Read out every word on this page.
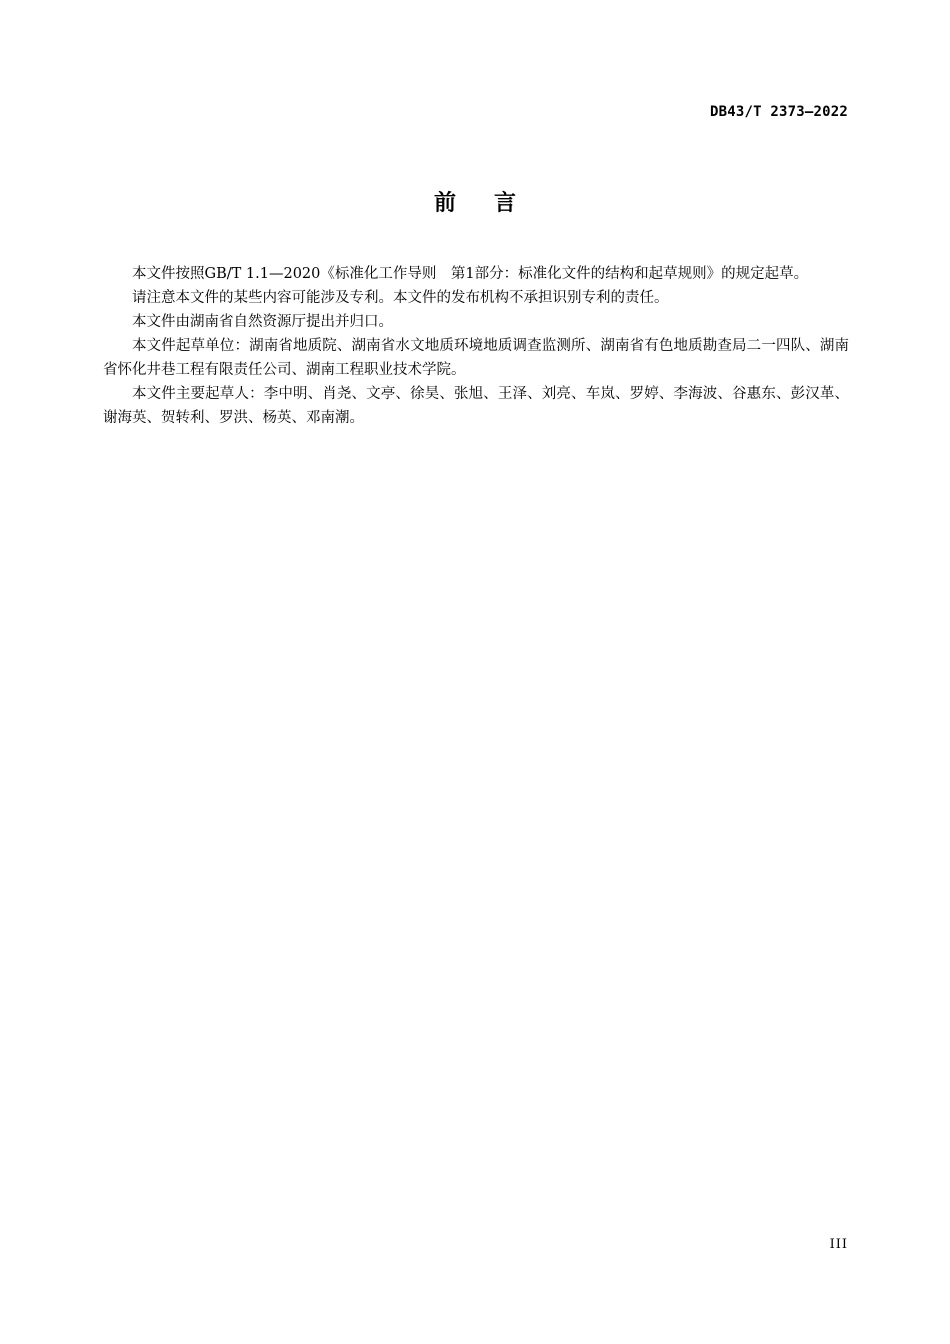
DB43/T 2373—2022
前言

本文件按照GB/T 1.1—2020《标准化工作导则　第1部分：标准化文件的结构和起草规则》的规定起草。

请注意本文件的某些内容可能涉及专利。本文件的发布机构不承担识别专利的责任。

本文件由湖南省自然资源厅提出并归口。

本文件起草单位：湖南省地质院、湖南省水文地质环境地质调查监测所、湖南省有色地质勘查局二一四队、湖南省怀化井巷工程有限责任公司、湖南工程职业技术学院。

本文件主要起草人：李中明、肖尧、文亭、徐昊、张旭、王泽、刘亮、车岚、罗婷、李海波、谷惠东、彭汉革、谢海英、贺转利、罗洪、杨英、邓南潮。

III
